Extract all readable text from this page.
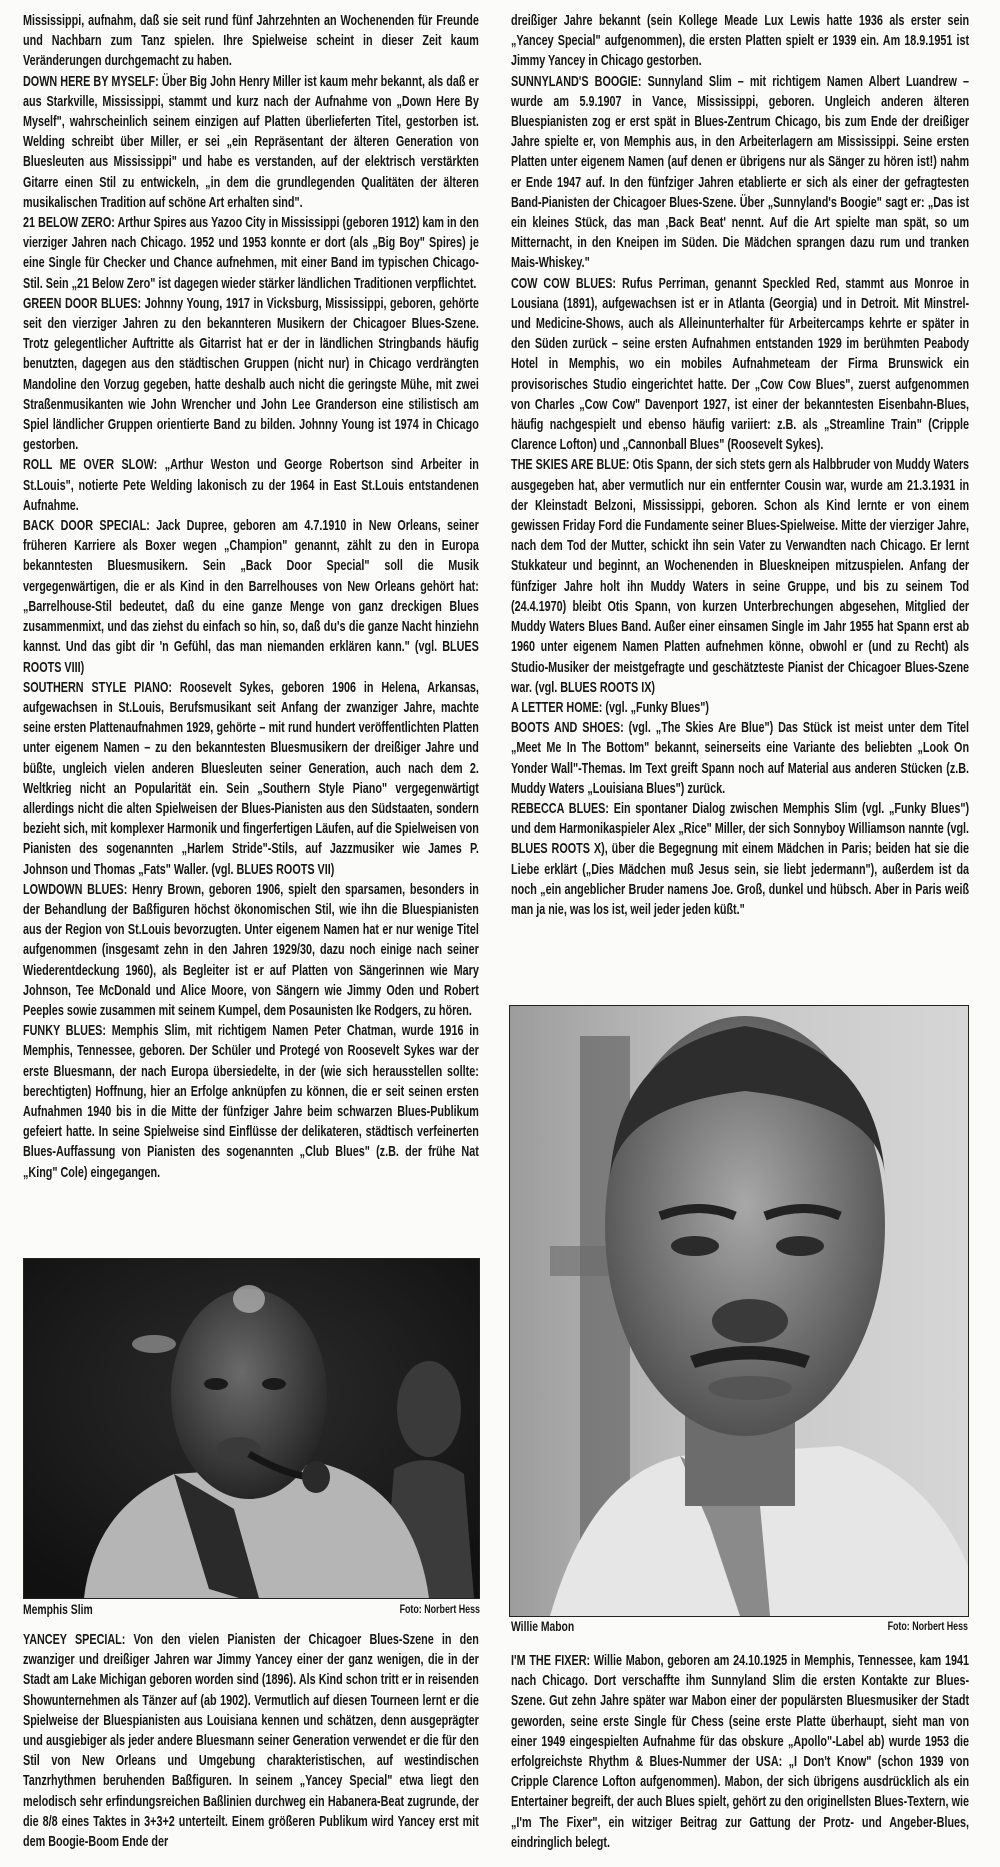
Mississippi, aufnahm, daß sie seit rund fünf Jahrzehnten an Wochenenden für Freunde und Nachbarn zum Tanz spielen. Ihre Spielweise scheint in dieser Zeit kaum Veränderungen durchgemacht zu haben.

DOWN HERE BY MYSELF: Über Big John Henry Miller ist kaum mehr bekannt, als daß er aus Starkville, Mississippi, stammt und kurz nach der Aufnahme von „Down Here By Myself", wahrscheinlich seinem einzigen auf Platten überlieferten Titel, gestorben ist. Welding schreibt über Miller, er sei „ein Repräsentant der älteren Generation von Bluesleuten aus Mississippi" und habe es verstanden, auf der elektrisch verstärkten Gitarre einen Stil zu entwickeln, „in dem die grundlegenden Qualitäten der älteren musikalischen Tradition auf schöne Art erhalten sind".

21 BELOW ZERO: Arthur Spires aus Yazoo City in Mississippi (geboren 1912) kam in den vierziger Jahren nach Chicago. 1952 und 1953 konnte er dort (als „Big Boy" Spires) je eine Single für Checker und Chance aufnehmen, mit einer Band im typischen Chicago-Stil. Sein „21 Below Zero" ist dagegen wieder stärker ländlichen Traditionen verpflichtet.

GREEN DOOR BLUES: Johnny Young, 1917 in Vicksburg, Mississippi, geboren, gehörte seit den vierziger Jahren zu den bekannteren Musikern der Chicagoer Blues-Szene. Trotz gelegentlicher Auftritte als Gitarrist hat er der in ländlichen Stringbands häufig benutzten, dagegen aus den städtischen Gruppen (nicht nur) in Chicago verdrängten Mandoline den Vorzug gegeben, hatte deshalb auch nicht die geringste Mühe, mit zwei Straßenmusikanten wie John Wrencher und John Lee Granderson eine stilistisch am Spiel ländlicher Gruppen orientierte Band zu bilden. Johnny Young ist 1974 in Chicago gestorben.

ROLL ME OVER SLOW: „Arthur Weston und George Robertson sind Arbeiter in St.Louis", notierte Pete Welding lakonisch zu der 1964 in East St.Louis entstandenen Aufnahme.

BACK DOOR SPECIAL: Jack Dupree, geboren am 4.7.1910 in New Orleans, seiner früheren Karriere als Boxer wegen „Champion" genannt, zählt zu den in Europa bekanntesten Bluesmusikern. Sein „Back Door Special" soll die Musik vergegenwärtigen, die er als Kind in den Barrelhouses von New Orleans gehört hat: „Barrelhouse-Stil bedeutet, daß du eine ganze Menge von ganz dreckigen Blues zusammenmixt, und das ziehst du einfach so hin, so, daß du's die ganze Nacht hinziehn kannst. Und das gibt dir 'n Gefühl, das man niemanden erklären kann." (vgl. BLUES ROOTS VIII)

SOUTHERN STYLE PIANO: Roosevelt Sykes, geboren 1906 in Helena, Arkansas, aufgewachsen in St.Louis, Berufsmusikant seit Anfang der zwanziger Jahre, machte seine ersten Plattenaufnahmen 1929, gehörte – mit rund hundert veröffentlichten Platten unter eigenem Namen – zu den bekanntesten Bluesmusikern der dreißiger Jahre und büßte, ungleich vielen anderen Bluesleuten seiner Generation, auch nach dem 2. Weltkrieg nicht an Popularität ein. Sein „Southern Style Piano" vergegenwärtigt allerdings nicht die alten Spielweisen der Blues-Pianisten aus den Südstaaten, sondern bezieht sich, mit komplexer Harmonik und fingerfertigen Läufen, auf die Spielweisen von Pianisten des sogenannten „Harlem Stride"-Stils, auf Jazzmusiker wie James P. Johnson und Thomas „Fats" Waller. (vgl. BLUES ROOTS VII)

LOWDOWN BLUES: Henry Brown, geboren 1906, spielt den sparsamen, besonders in der Behandlung der Baßfiguren höchst ökonomischen Stil, wie ihn die Bluespianisten aus der Region von St.Louis bevorzugten. Unter eigenem Namen hat er nur wenige Titel aufgenommen (insgesamt zehn in den Jahren 1929/30, dazu noch einige nach seiner Wiederentdeckung 1960), als Begleiter ist er auf Platten von Sängerinnen wie Mary Johnson, Tee McDonald und Alice Moore, von Sängern wie Jimmy Oden und Robert Peeples sowie zusammen mit seinem Kumpel, dem Posaunisten Ike Rodgers, zu hören.

FUNKY BLUES: Memphis Slim, mit richtigem Namen Peter Chatman, wurde 1916 in Memphis, Tennessee, geboren. Der Schüler und Protegé von Roosevelt Sykes war der erste Bluesmann, der nach Europa übersiedelte, in der (wie sich herausstellen sollte: berechtigten) Hoffnung, hier an Erfolge anknüpfen zu können, die er seit seinen ersten Aufnahmen 1940 bis in die Mitte der fünfziger Jahre beim schwarzen Blues-Publikum gefeiert hatte. In seine Spielweise sind Einflüsse der delikateren, städtisch verfeinerten Blues-Auffassung von Pianisten des sogenannten „Club Blues" (z.B. der frühe Nat „King" Cole) eingegangen.

Memphis Slim	Foto: Norbert Hess

YANCEY SPECIAL: Von den vielen Pianisten der Chicagoer Blues-Szene in den zwanziger und dreißiger Jahren war Jimmy Yancey einer der ganz wenigen, die in der Stadt am Lake Michigan geboren worden sind (1896). Als Kind schon tritt er in reisenden Showunternehmen als Tänzer auf (ab 1902). Vermutlich auf diesen Tourneen lernt er die Spielweise der Bluespianisten aus Louisiana kennen und schätzen, denn ausgeprägter und ausgiebiger als jeder andere Bluesmann seiner Generation verwendet er die für den Stil von New Orleans und Umgebung charakteristischen, auf westindischen Tanzrhythmen beruhenden Baßfiguren. In seinem „Yancey Special" etwa liegt den melodisch sehr erfindungsreichen Baßlinien durchweg ein Habanera-Beat zugrunde, der die 8/8 eines Taktes in 3+3+2 unterteilt. Einem größeren Publikum wird Yancey erst mit dem Boogie-Boom Ende der

dreißiger Jahre bekannt (sein Kollege Meade Lux Lewis hatte 1936 als erster sein „Yancey Special" aufgenommen), die ersten Platten spielt er 1939 ein. Am 18.9.1951 ist Jimmy Yancey in Chicago gestorben.

SUNNYLAND'S BOOGIE: Sunnyland Slim – mit richtigem Namen Albert Luandrew – wurde am 5.9.1907 in Vance, Mississippi, geboren. Ungleich anderen älteren Bluespianisten zog er erst spät in Blues-Zentrum Chicago, bis zum Ende der dreißiger Jahre spielte er, von Memphis aus, in den Arbeiterlagern am Mississippi. Seine ersten Platten unter eigenem Namen (auf denen er übrigens nur als Sänger zu hören ist!) nahm er Ende 1947 auf. In den fünfziger Jahren etablierte er sich als einer der gefragtesten Band-Pianisten der Chicagoer Blues-Szene. Über „Sunnyland's Boogie" sagt er: „Das ist ein kleines Stück, das man ‚Back Beat' nennt. Auf die Art spielte man spät, so um Mitternacht, in den Kneipen im Süden. Die Mädchen sprangen dazu rum und tranken Mais-Whiskey."

COW COW BLUES: Rufus Perriman, genannt Speckled Red, stammt aus Monroe in Lousiana (1891), aufgewachsen ist er in Atlanta (Georgia) und in Detroit. Mit Minstrel- und Medicine-Shows, auch als Alleinunterhalter für Arbeitercamps kehrte er später in den Süden zurück – seine ersten Aufnahmen entstanden 1929 im berühmten Peabody Hotel in Memphis, wo ein mobiles Aufnahmeteam der Firma Brunswick ein provisorisches Studio eingerichtet hatte. Der „Cow Cow Blues", zuerst aufgenommen von Charles „Cow Cow" Davenport 1927, ist einer der bekanntesten Eisenbahn-Blues, häufig nachgespielt und ebenso häufig variiert: z.B. als „Streamline Train" (Cripple Clarence Lofton) und „Cannonball Blues" (Roosevelt Sykes).

THE SKIES ARE BLUE: Otis Spann, der sich stets gern als Halbbruder von Muddy Waters ausgegeben hat, aber vermutlich nur ein entfernter Cousin war, wurde am 21.3.1931 in der Kleinstadt Belzoni, Mississippi, geboren. Schon als Kind lernte er von einem gewissen Friday Ford die Fundamente seiner Blues-Spielweise. Mitte der vierziger Jahre, nach dem Tod der Mutter, schickt ihn sein Vater zu Verwandten nach Chicago. Er lernt Stukkateur und beginnt, an Wochenenden in Blueskneipen mitzuspielen. Anfang der fünfziger Jahre holt ihn Muddy Waters in seine Gruppe, und bis zu seinem Tod (24.4.1970) bleibt Otis Spann, von kurzen Unterbrechungen abgesehen, Mitglied der Muddy Waters Blues Band. Außer einer einsamen Single im Jahr 1955 hat Spann erst ab 1960 unter eigenem Namen Platten aufnehmen könne, obwohl er (und zu Recht) als Studio-Musiker der meistgefragte und geschätzteste Pianist der Chicagoer Blues-Szene war. (vgl. BLUES ROOTS IX)

A LETTER HOME: (vgl. „Funky Blues")

BOOTS AND SHOES: (vgl. „The Skies Are Blue") Das Stück ist meist unter dem Titel „Meet Me In The Bottom" bekannt, seinerseits eine Variante des beliebten „Look On Yonder Wall"-Themas. Im Text greift Spann noch auf Material aus anderen Stücken (z.B. Muddy Waters „Louisiana Blues") zurück.

REBECCA BLUES: Ein spontaner Dialog zwischen Memphis Slim (vgl. „Funky Blues") und dem Harmonikaspieler Alex „Rice" Miller, der sich Sonnyboy Williamson nannte (vgl. BLUES ROOTS X), über die Begegnung mit einem Mädchen in Paris; beiden hat sie die Liebe erklärt („Dies Mädchen muß Jesus sein, sie liebt jedermann"), außerdem ist da noch „ein angeblicher Bruder namens Joe. Groß, dunkel und hübsch. Aber in Paris weiß man ja nie, was los ist, weil jeder jeden küßt."

Willie Mabon	Foto: Norbert Hess

I'M THE FIXER: Willie Mabon, geboren am 24.10.1925 in Memphis, Tennessee, kam 1941 nach Chicago. Dort verschaffte ihm Sunnyland Slim die ersten Kontakte zur Blues-Szene. Gut zehn Jahre später war Mabon einer der populärsten Bluesmusiker der Stadt geworden, seine erste Single für Chess (seine erste Platte überhaupt, sieht man von einer 1949 eingespielten Aufnahme für das obskure „Apollo"-Label ab) wurde 1953 die erfolgreichste Rhythm & Blues-Nummer der USA: „I Don't Know" (schon 1939 von Cripple Clarence Lofton aufgenommen). Mabon, der sich übrigens ausdrücklich als ein Entertainer begreift, der auch Blues spielt, gehört zu den originellsten Blues-Textern, wie „I'm The Fixer", ein witziger Beitrag zur Gattung der Protz- und Angeber-Blues, eindringlich belegt.
